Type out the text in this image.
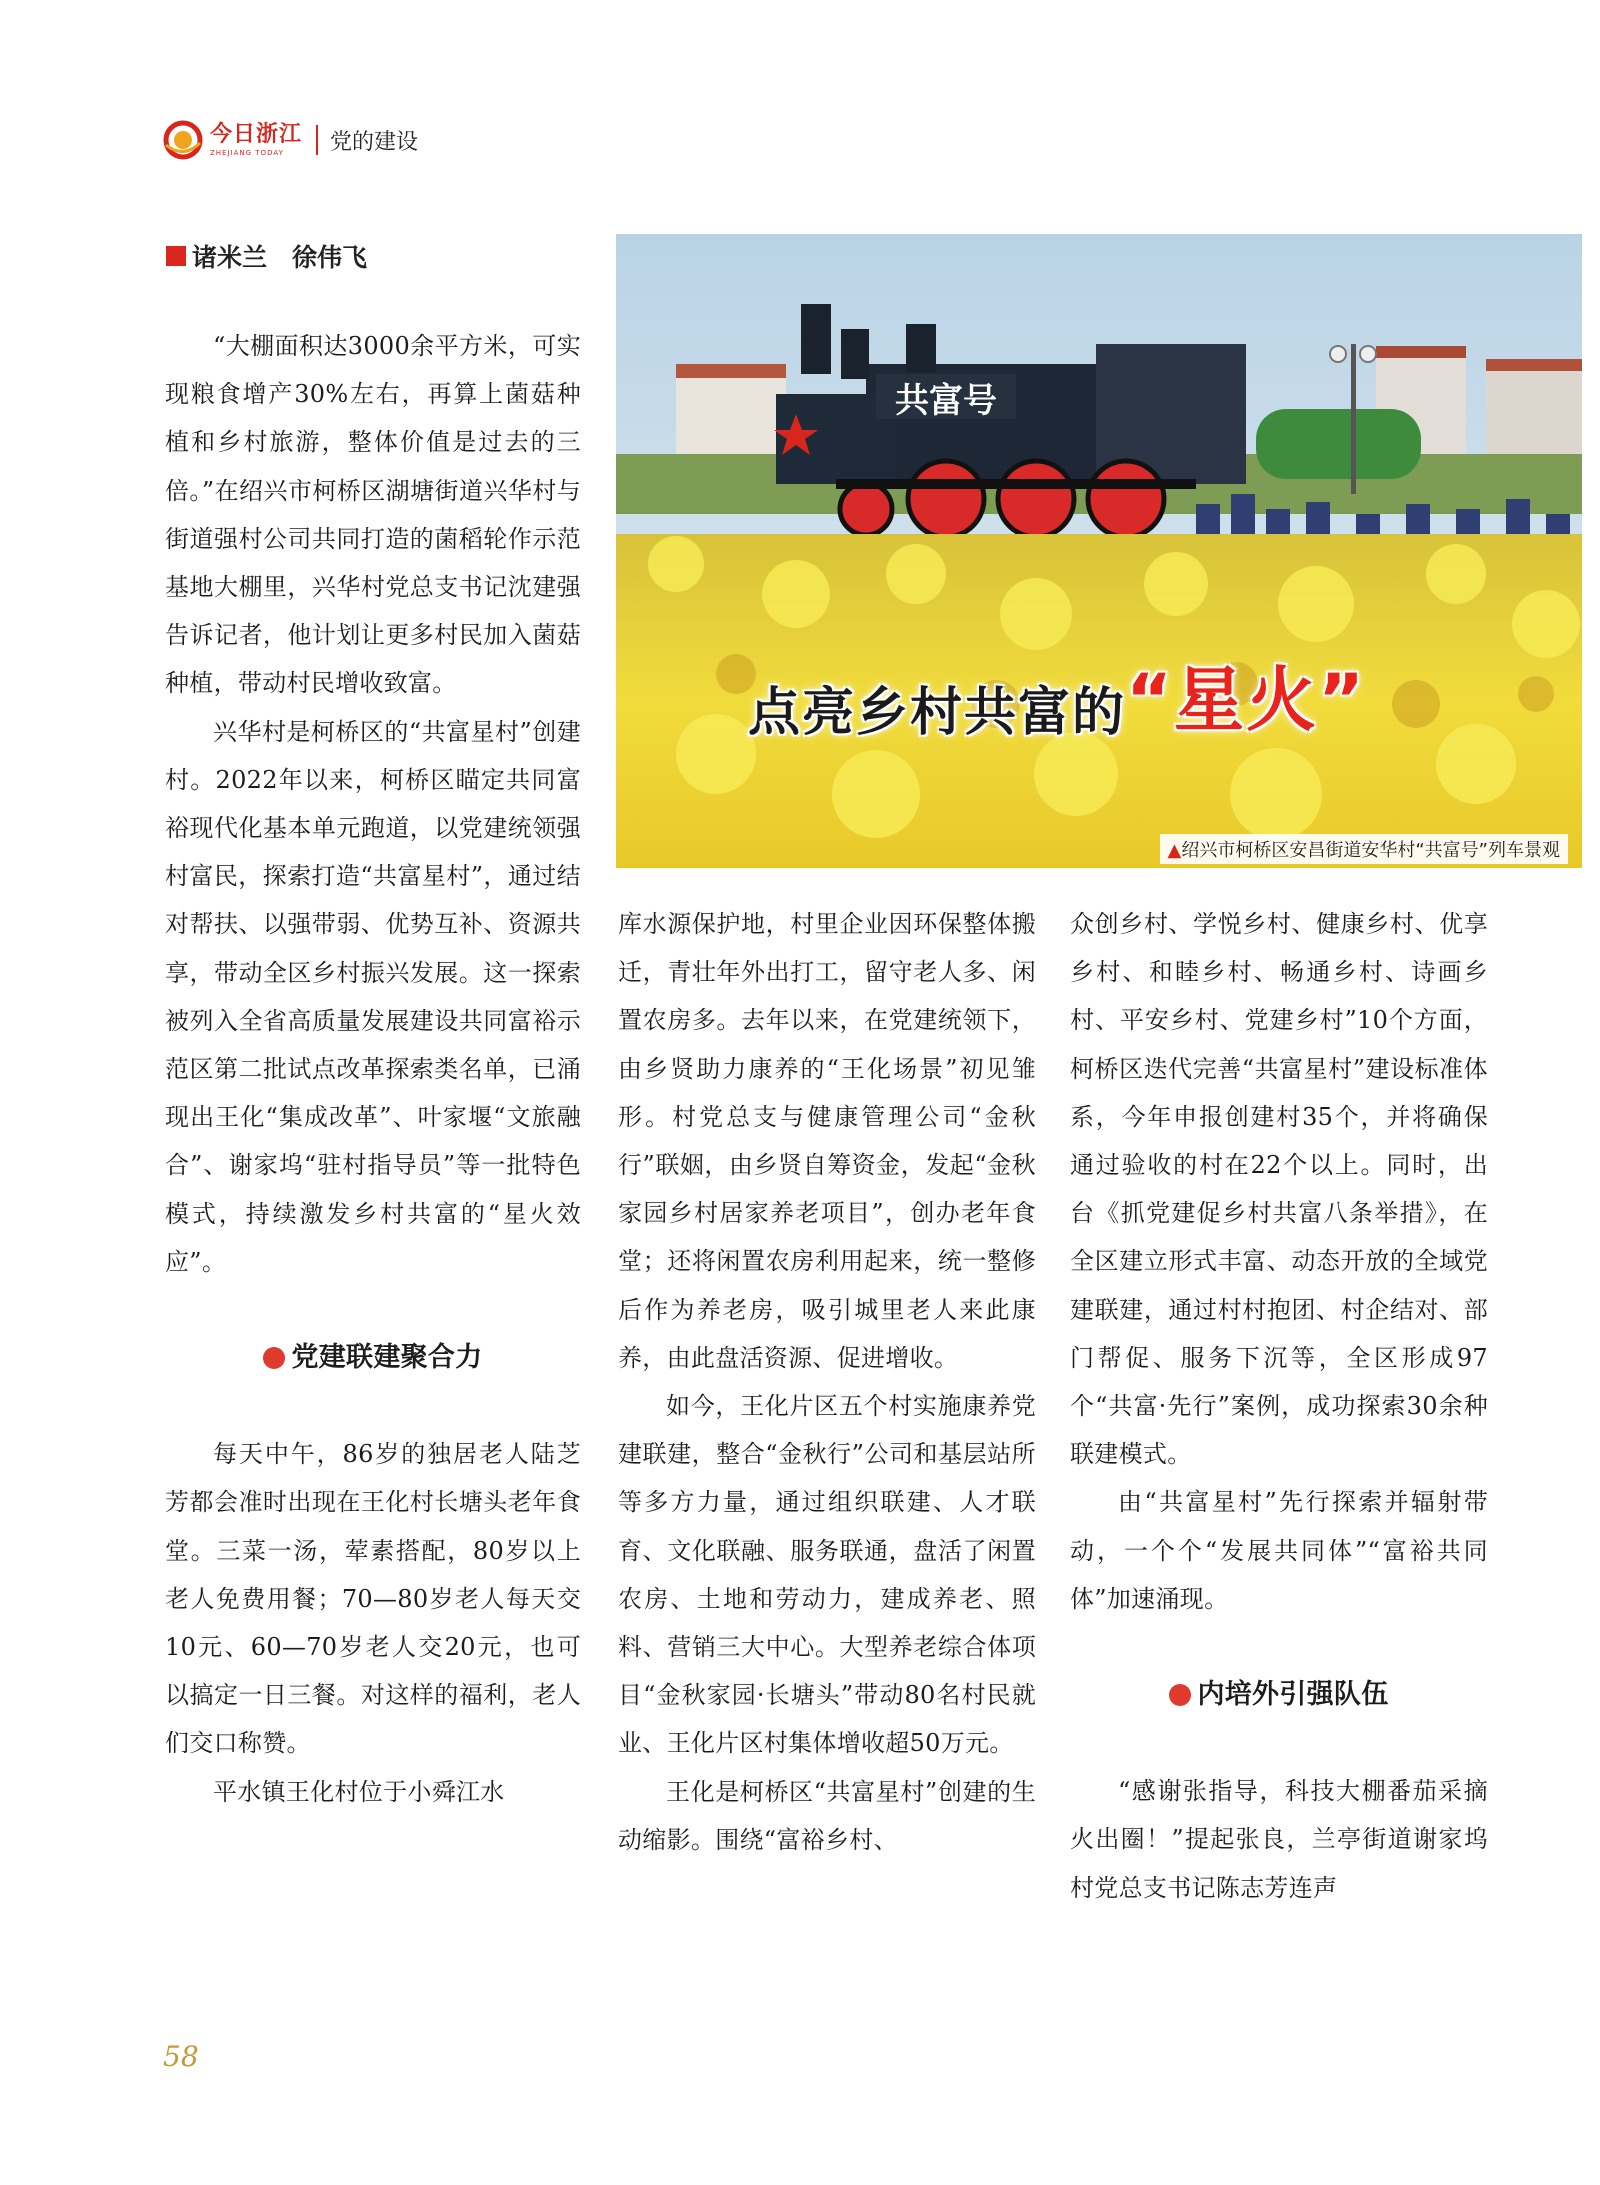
今日浙江
ZHEJIANG TODAY	党的建设
诸米兰　徐伟飞
共富号
点亮乡村共富的“星火”
▲绍兴市柯桥区安昌街道安华村“共富号”列车景观

“大棚面积达3000余平方米，可实现粮食增产30%左右，再算上菌菇种植和乡村旅游，整体价值是过去的三倍。”在绍兴市柯桥区湖塘街道兴华村与街道强村公司共同打造的菌稻轮作示范基地大棚里，兴华村党总支书记沈建强告诉记者，他计划让更多村民加入菌菇种植，带动村民增收致富。

兴华村是柯桥区的“共富星村”创建村。2022年以来，柯桥区瞄定共同富裕现代化基本单元跑道，以党建统领强村富民，探索打造“共富星村”，通过结对帮扶、以强带弱、优势互补、资源共享，带动全区乡村振兴发展。这一探索被列入全省高质量发展建设共同富裕示范区第二批试点改革探索类名单，已涌现出王化“集成改革”、叶家堰“文旅融合”、谢家坞“驻村指导员”等一批特色模式，持续激发乡村共富的“星火效应”。

党建联建聚合力

每天中午，86岁的独居老人陆芝芳都会准时出现在王化村长塘头老年食堂。三菜一汤，荤素搭配，80岁以上老人免费用餐；70—80岁老人每天交10元、60—70岁老人交20元，也可以搞定一日三餐。对这样的福利，老人们交口称赞。

平水镇王化村位于小舜江水

库水源保护地，村里企业因环保整体搬迁，青壮年外出打工，留守老人多、闲置农房多。去年以来，在党建统领下，由乡贤助力康养的“王化场景”初见雏形。村党总支与健康管理公司“金秋行”联姻，由乡贤自筹资金，发起“金秋家园乡村居家养老项目”，创办老年食堂；还将闲置农房利用起来，统一整修后作为养老房，吸引城里老人来此康养，由此盘活资源、促进增收。

如今，王化片区五个村实施康养党建联建，整合“金秋行”公司和基层站所等多方力量，通过组织联建、人才联育、文化联融、服务联通，盘活了闲置农房、土地和劳动力，建成养老、照料、营销三大中心。大型养老综合体项目“金秋家园·长塘头”带动80名村民就业、王化片区村集体增收超50万元。

王化是柯桥区“共富星村”创建的生动缩影。围绕“富裕乡村、

众创乡村、学悦乡村、健康乡村、优享乡村、和睦乡村、畅通乡村、诗画乡村、平安乡村、党建乡村”10个方面，柯桥区迭代完善“共富星村”建设标准体系，今年申报创建村35个，并将确保通过验收的村在22个以上。同时，出台《抓党建促乡村共富八条举措》，在全区建立形式丰富、动态开放的全域党建联建，通过村村抱团、村企结对、部门帮促、服务下沉等，全区形成97个“共富·先行”案例，成功探索30余种联建模式。

由“共富星村”先行探索并辐射带动，一个个“发展共同体”“富裕共同体”加速涌现。

内培外引强队伍

“感谢张指导，科技大棚番茄采摘火出圈！”提起张良，兰亭街道谢家坞村党总支书记陈志芳连声

58
